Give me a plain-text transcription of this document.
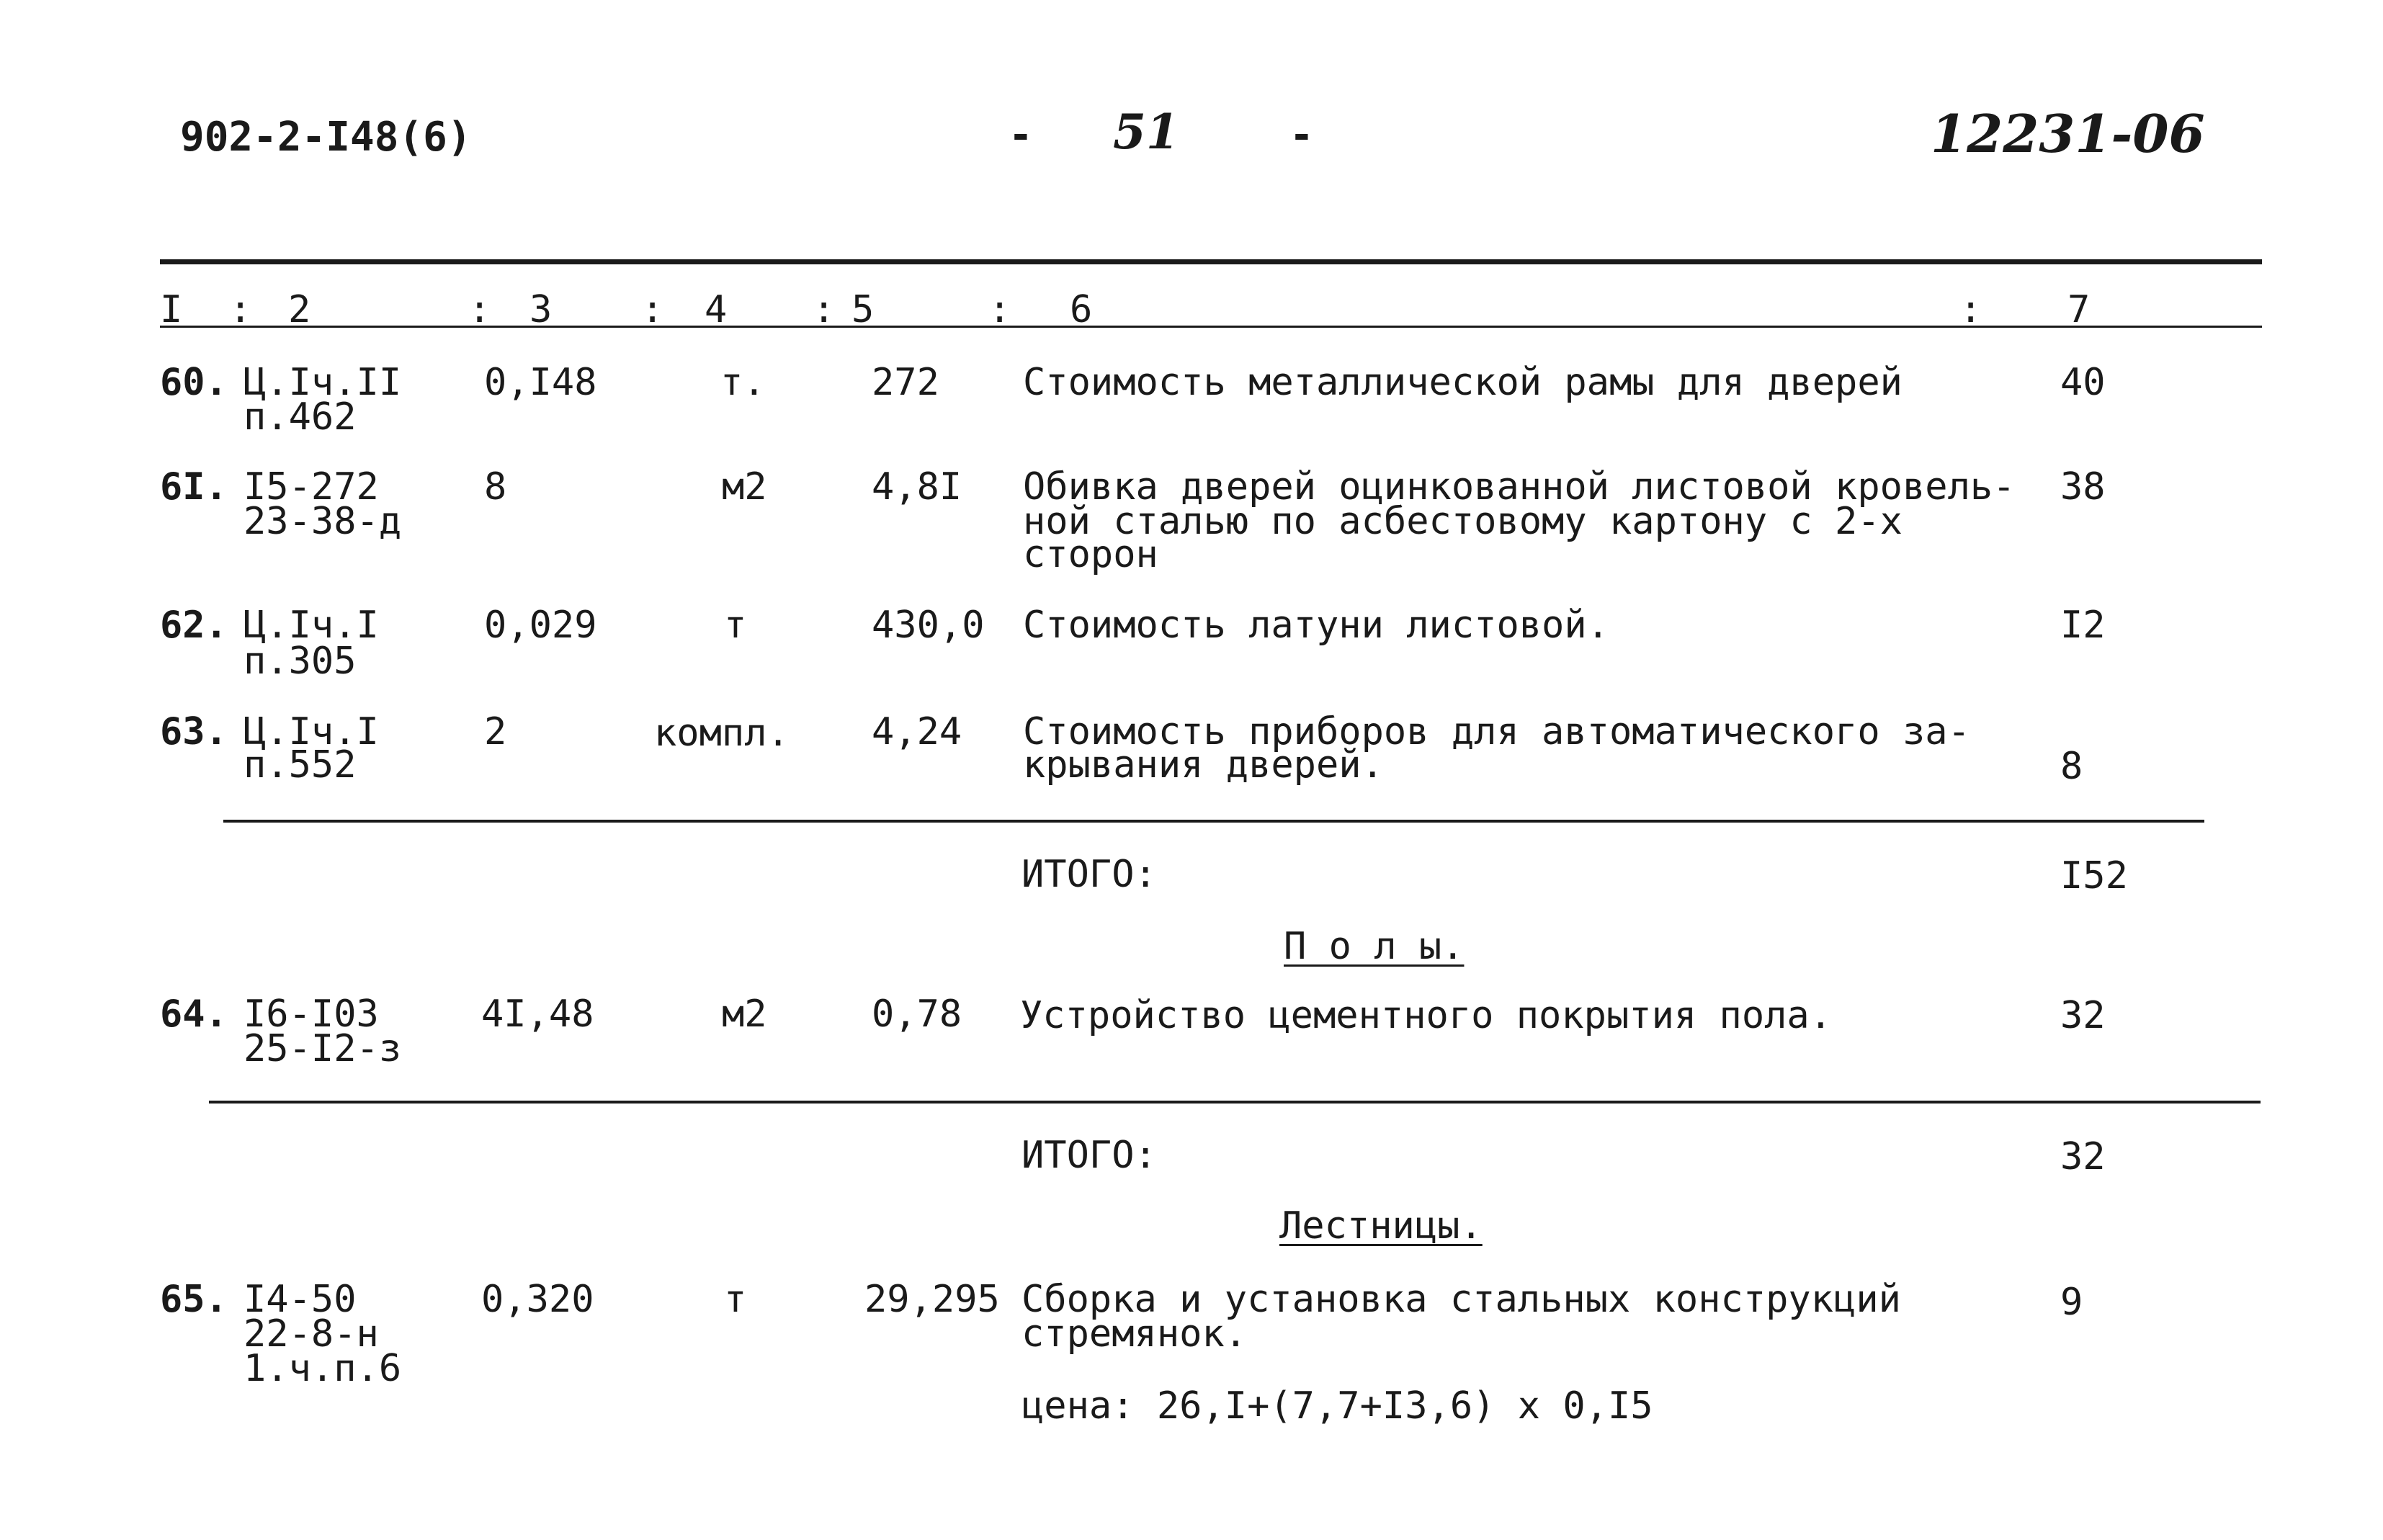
902-2-I48(6)	- 51	-	12231-06
I : 2	: 3 : 4 : 5	: 6	: 7
60. Ц.Iч.II
п.462
0,I48	т.	272 Стоимость металлической рамы для дверей	40
6I. I5-272
23-38-д
8	м2	4,8I Обивка дверей оцинкованной листовой кровель-
ной сталью по асбестовому картону с 2-х
сторон
38
62. Ц.Iч.I
п.305
0,029	т	430,0 Стоимость латуни листовой.	I2
63. Ц.Iч.I
п.552
2	компл. 4,24 Стоимость приборов для автоматического за-
крывания дверей.	8
ИТОГО:	I52
П о л ы.
64. I6-I03
25-I2-з
4I,48	м2	0,78 Устройство цементного покрытия пола.	32
ИТОГО:	32
Лестницы.
65. I4-50
22-8-н
1.ч.п.6
0,320	т	29,295 Сборка и установка стальных конструкций
стремянок.
9
цена: 26,I+(7,7+I3,6) х 0,I5
